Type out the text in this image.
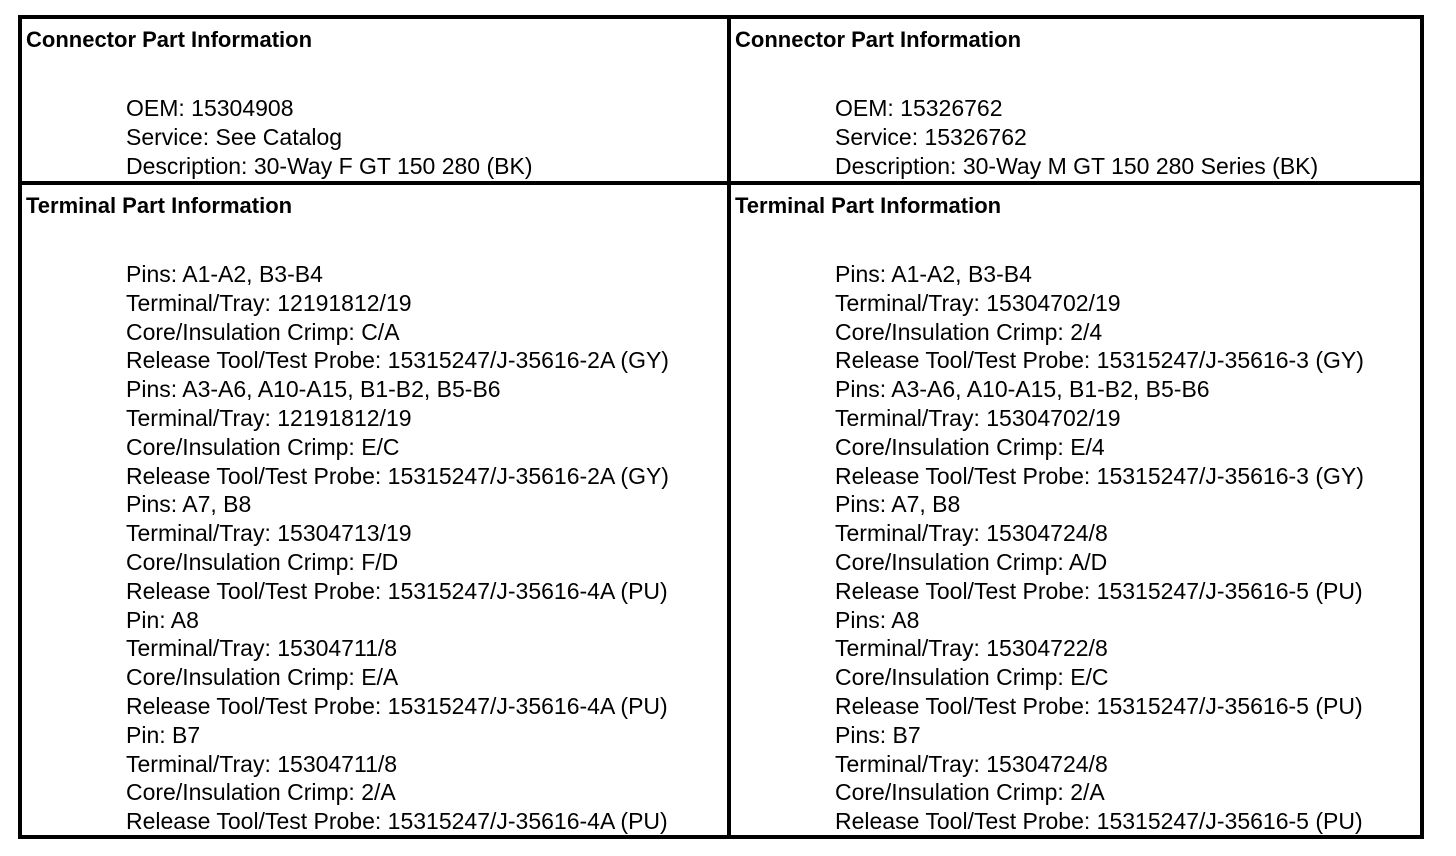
Connector Part Information
OEM: 15304908
Service: See Catalog
Description: 30-Way F GT 150 280 (BK)
Connector Part Information
OEM: 15326762
Service: 15326762
Description: 30-Way M GT 150 280 Series (BK)
Terminal Part Information
Pins: A1-A2, B3-B4
Terminal/Tray: 12191812/19
Core/Insulation Crimp: C/A
Release Tool/Test Probe: 15315247/J-35616-2A (GY)
Pins: A3-A6, A10-A15, B1-B2, B5-B6
Terminal/Tray: 12191812/19
Core/Insulation Crimp: E/C
Release Tool/Test Probe: 15315247/J-35616-2A (GY)
Pins: A7, B8
Terminal/Tray: 15304713/19
Core/Insulation Crimp: F/D
Release Tool/Test Probe: 15315247/J-35616-4A (PU)
Pin: A8
Terminal/Tray: 15304711/8
Core/Insulation Crimp: E/A
Release Tool/Test Probe: 15315247/J-35616-4A (PU)
Pin: B7
Terminal/Tray: 15304711/8
Core/Insulation Crimp: 2/A
Release Tool/Test Probe: 15315247/J-35616-4A (PU)
Terminal Part Information
Pins: A1-A2, B3-B4
Terminal/Tray: 15304702/19
Core/Insulation Crimp: 2/4
Release Tool/Test Probe: 15315247/J-35616-3 (GY)
Pins: A3-A6, A10-A15, B1-B2, B5-B6
Terminal/Tray: 15304702/19
Core/Insulation Crimp: E/4
Release Tool/Test Probe: 15315247/J-35616-3 (GY)
Pins: A7, B8
Terminal/Tray: 15304724/8
Core/Insulation Crimp: A/D
Release Tool/Test Probe: 15315247/J-35616-5 (PU)
Pins: A8
Terminal/Tray: 15304722/8
Core/Insulation Crimp: E/C
Release Tool/Test Probe: 15315247/J-35616-5 (PU)
Pins: B7
Terminal/Tray: 15304724/8
Core/Insulation Crimp: 2/A
Release Tool/Test Probe: 15315247/J-35616-5 (PU)
